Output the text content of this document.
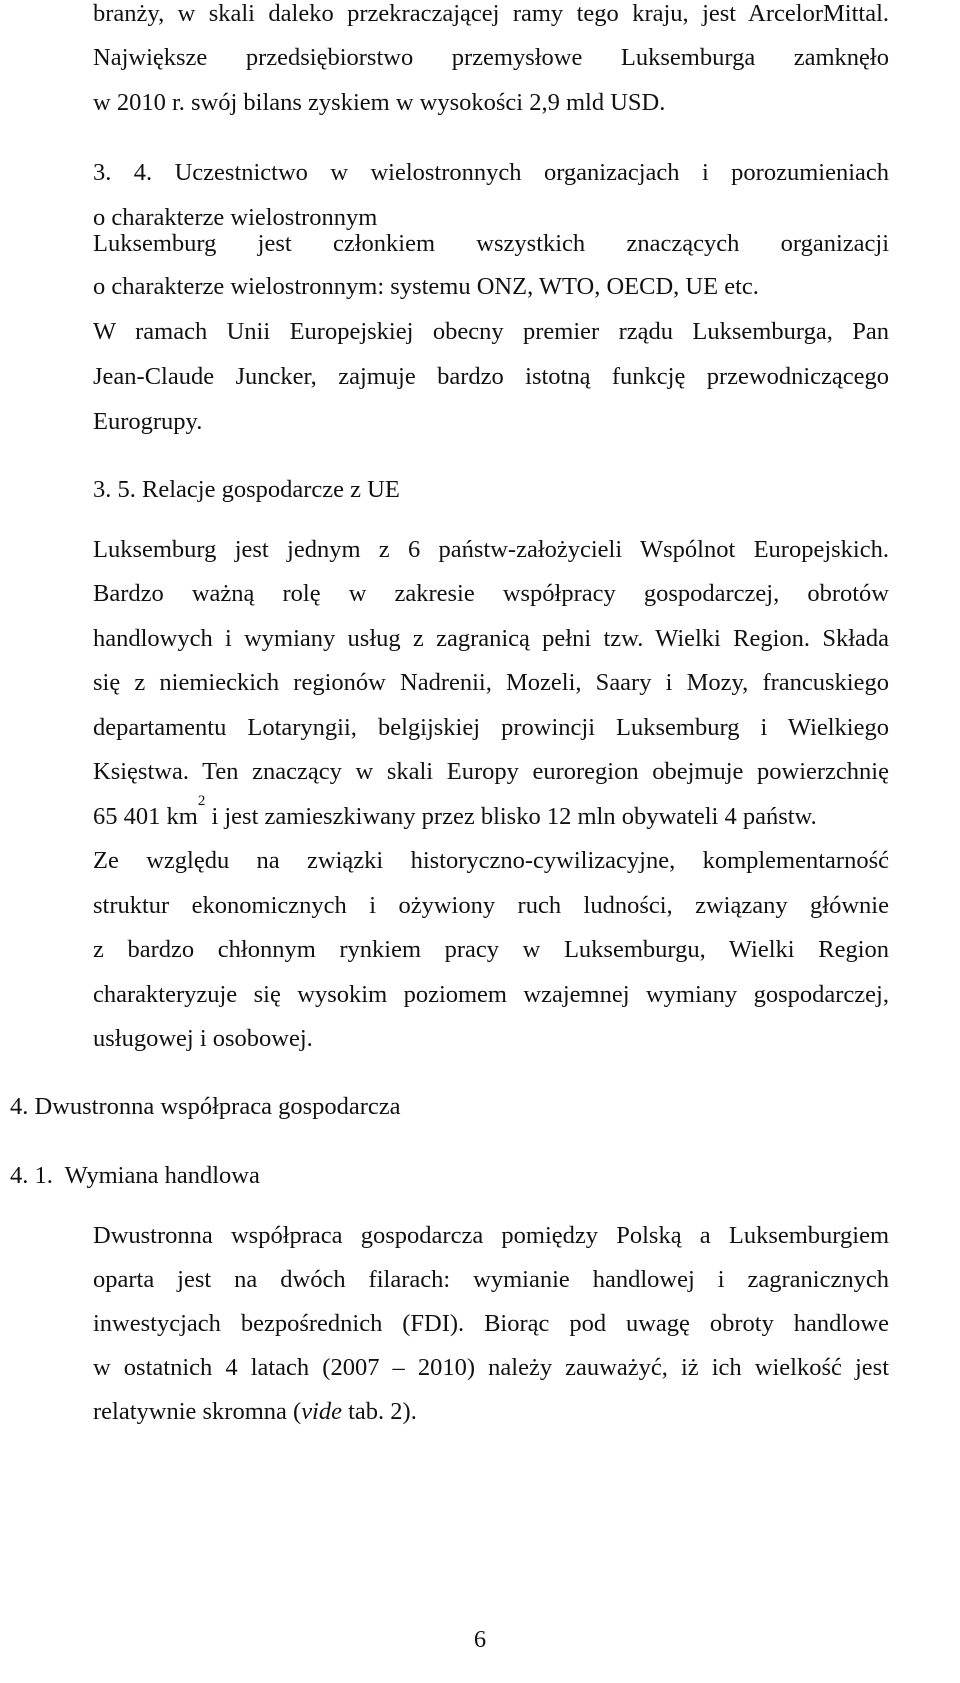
branży, w skali daleko przekraczającej ramy tego kraju, jest ArcelorMittal.
Największe przedsiębiorstwo przemysłowe Luksemburga zamknęło
w 2010 r. swój bilans zyskiem w wysokości 2,9 mld USD.
3. 4. Uczestnictwo w wielostronnych organizacjach i porozumieniach
o charakterze wielostronnym
Luksemburg jest członkiem wszystkich znaczących organizacji
o charakterze wielostronnym: systemu ONZ, WTO, OECD, UE etc.
W ramach Unii Europejskiej obecny premier rządu Luksemburga, Pan
Jean-Claude Juncker, zajmuje bardzo istotną funkcję przewodniczącego
Eurogrupy.
3. 5. Relacje gospodarcze z UE
Luksemburg jest jednym z 6 państw-założycieli Wspólnot Europejskich.
Bardzo ważną rolę w zakresie współpracy gospodarczej, obrotów
handlowych i wymiany usług z zagranicą pełni tzw. Wielki Region. Składa
się z niemieckich regionów Nadrenii, Mozeli, Saary i Mozy, francuskiego
departamentu Lotaryngii, belgijskiej prowincji Luksemburg i Wielkiego
Księstwa. Ten znaczący w skali Europy euroregion obejmuje powierzchnię
65 401 km
$^2$
i jest zamieszkiwany przez blisko 12 mln obywateli 4 państw.
Ze względu na związki historyczno-cywilizacyjne, komplementarność
struktur ekonomicznych i ożywiony ruch ludności, związany głównie
z bardzo chłonnym rynkiem pracy w Luksemburgu, Wielki Region
charakteryzuje się wysokim poziomem wzajemnej wymiany gospodarczej,
usługowej i osobowej.
4. Dwustronna współpraca gospodarcza
4. 1.  Wymiana handlowa
Dwustronna współpraca gospodarcza pomiędzy Polską a Luksemburgiem
oparta jest na dwóch filarach: wymianie handlowej i zagranicznych
inwestycjach bezpośrednich (FDI). Biorąc pod uwagę obroty handlowe
w ostatnich 4 latach (2007 – 2010) należy zauważyć, iż ich wielkość jest
relatywnie skromna (vide tab. 2).
6
